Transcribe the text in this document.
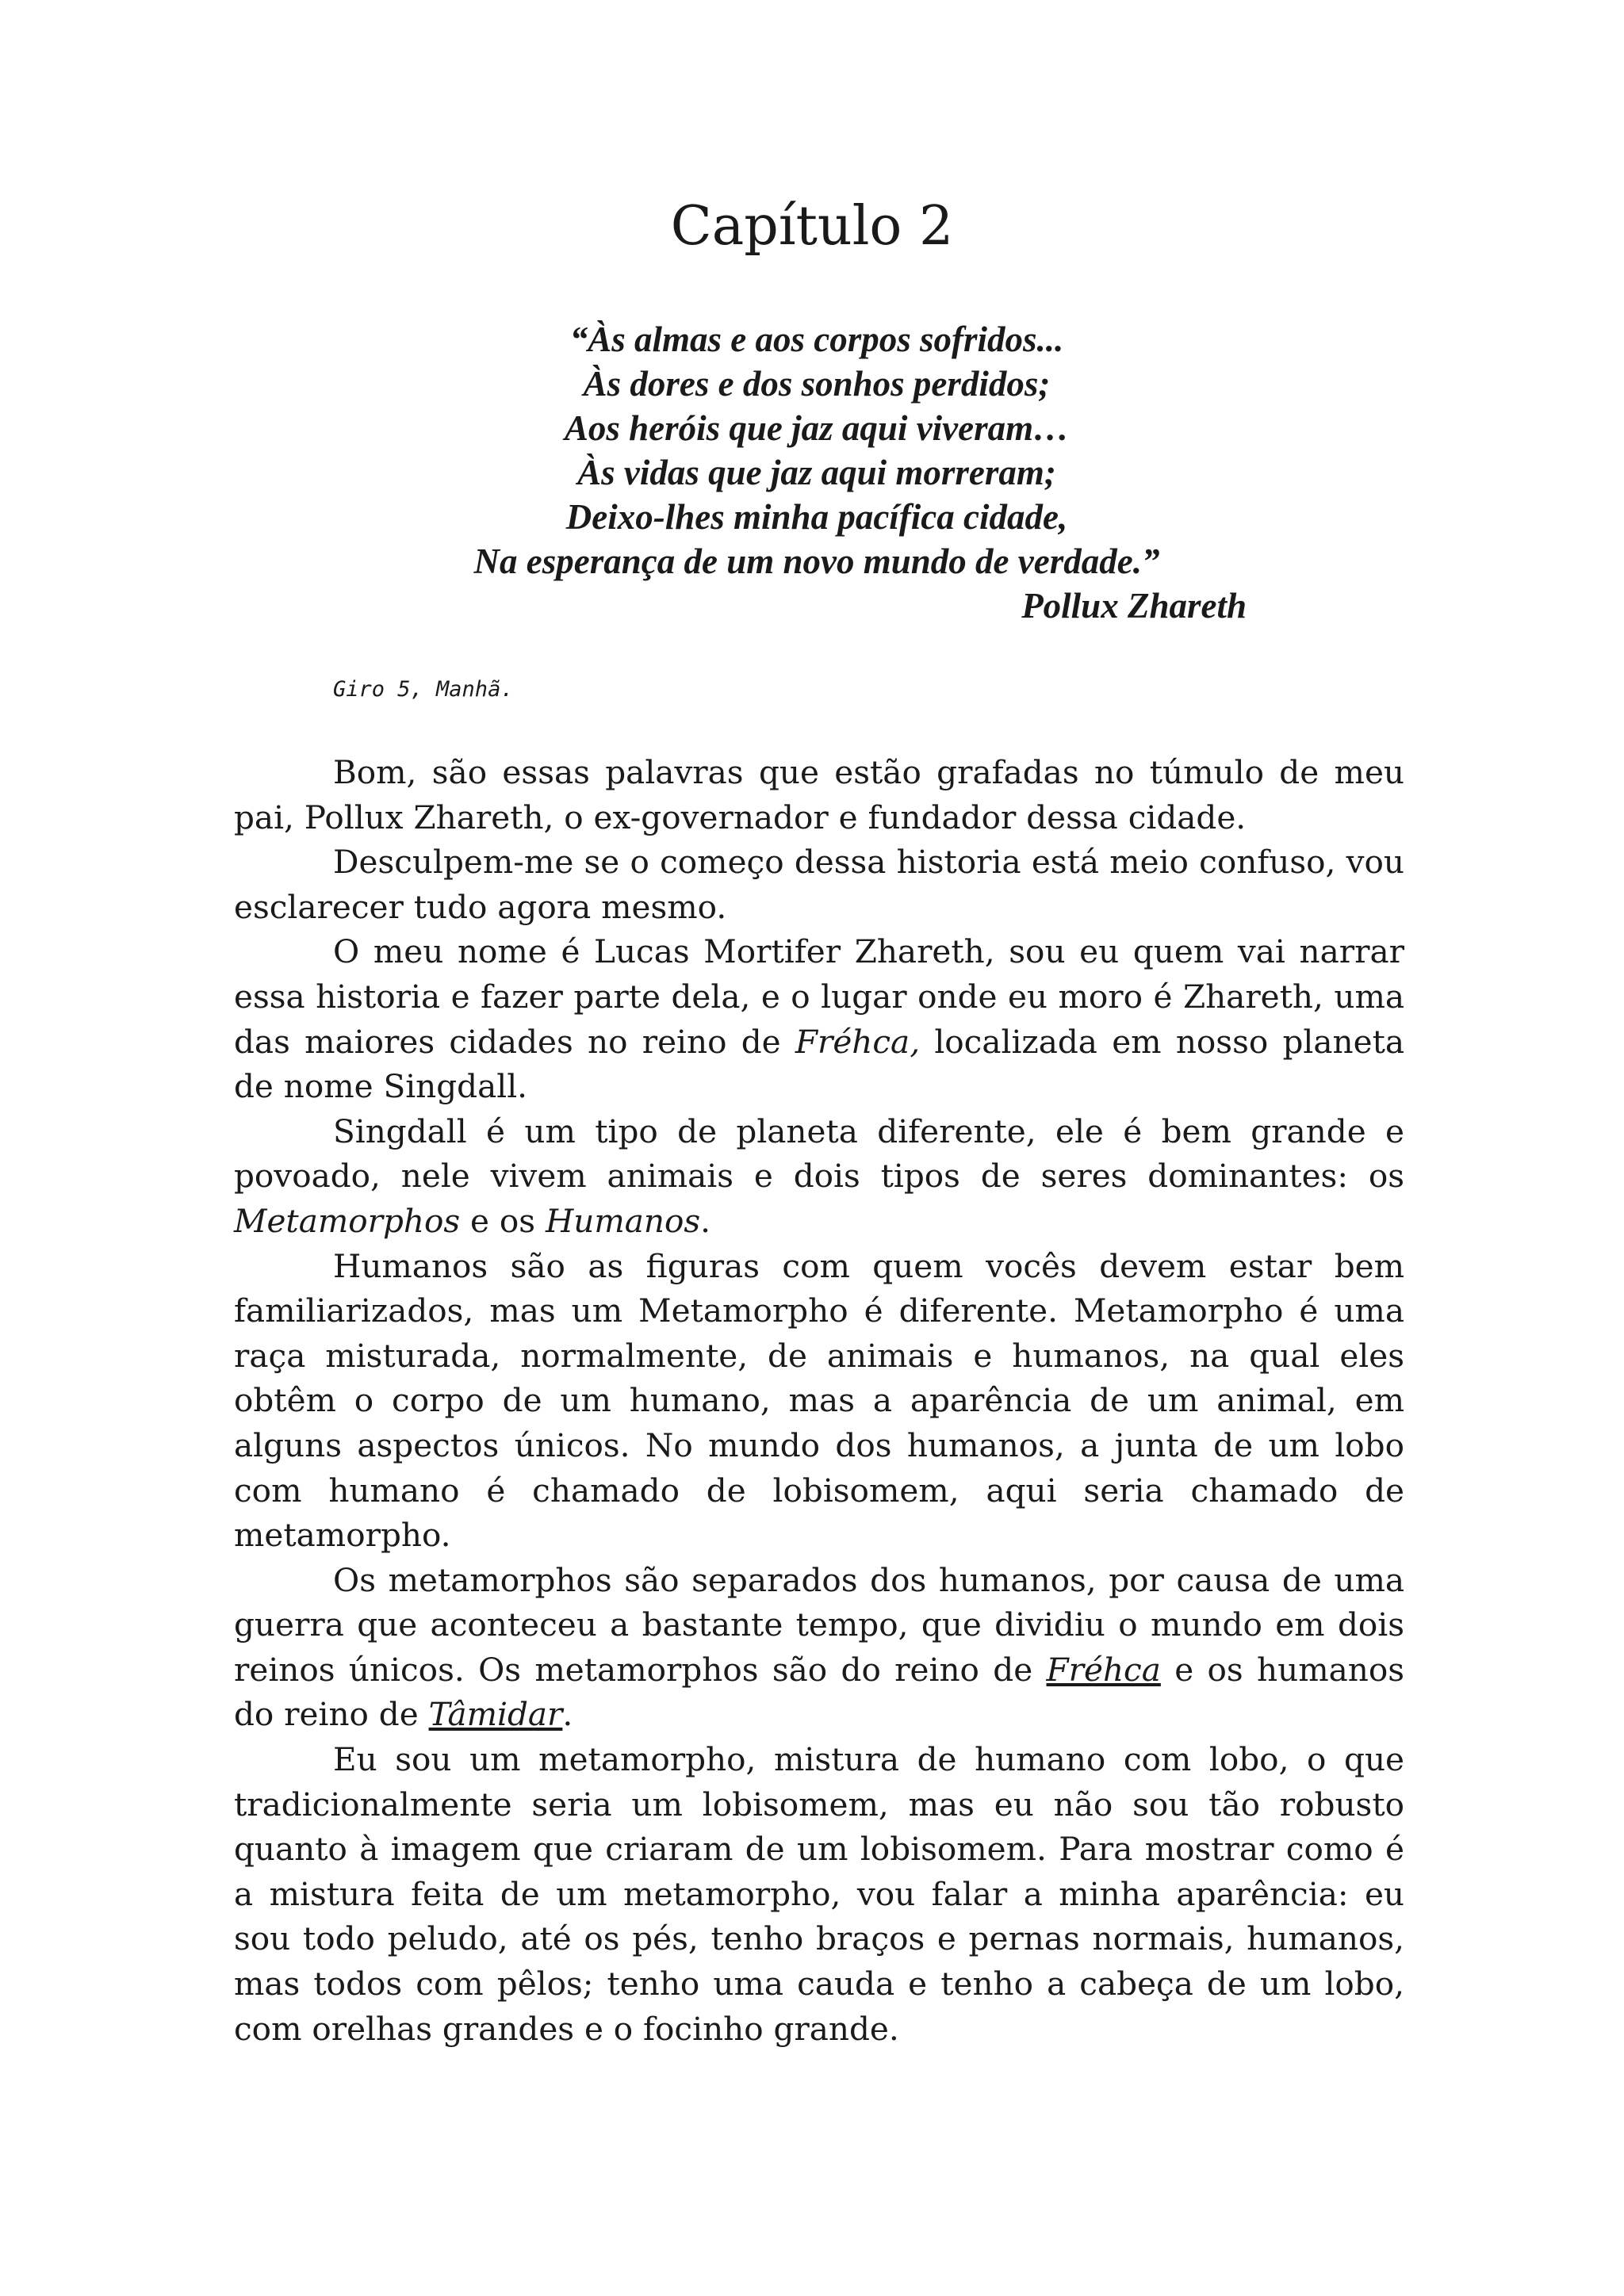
Capítulo 2
“Às almas e aos corpos sofridos...
Às dores e dos sonhos perdidos;
Aos heróis que jaz aqui viveram…
Às vidas que jaz aqui morreram;
Deixo-lhes minha pacífica cidade,
Na esperança de um novo mundo de verdade.”
Pollux Zhareth
Giro 5, Manhã.

Bom, são essas palavras que estão grafadas no túmulo de meu pai, Pollux Zhareth, o ex-governador e fundador dessa cidade.

Desculpem-me se o começo dessa historia está meio confuso, vou esclarecer tudo agora mesmo.

O meu nome é Lucas Mortifer Zhareth, sou eu quem vai narrar essa historia e fazer parte dela, e o lugar onde eu moro é Zhareth, uma das maiores cidades no reino de Fréhca, localizada em nosso planeta de nome Singdall.

Singdall é um tipo de planeta diferente, ele é bem grande e povoado, nele vivem animais e dois tipos de seres dominantes: os Metamorphos e os Humanos.

Humanos são as figuras com quem vocês devem estar bem familiarizados, mas um Metamorpho é diferente. Metamorpho é uma raça misturada, normalmente, de animais e humanos, na qual eles obtêm o corpo de um humano, mas a aparência de um animal, em alguns aspectos únicos. No mundo dos humanos, a junta de um lobo com humano é chamado de lobisomem, aqui seria chamado de metamorpho.

Os metamorphos são separados dos humanos, por causa de uma guerra que aconteceu a bastante tempo, que dividiu o mundo em dois reinos únicos. Os metamorphos são do reino de Fréhca e os humanos do reino de Tâmidar.

Eu sou um metamorpho, mistura de humano com lobo, o que tradicionalmente seria um lobisomem, mas eu não sou tão robusto quanto à imagem que criaram de um lobisomem. Para mostrar como é a mistura feita de um metamorpho, vou falar a minha aparência: eu sou todo peludo, até os pés, tenho braços e pernas normais, humanos, mas todos com pêlos; tenho uma cauda e tenho a cabeça de um lobo, com orelhas grandes e o focinho grande.
